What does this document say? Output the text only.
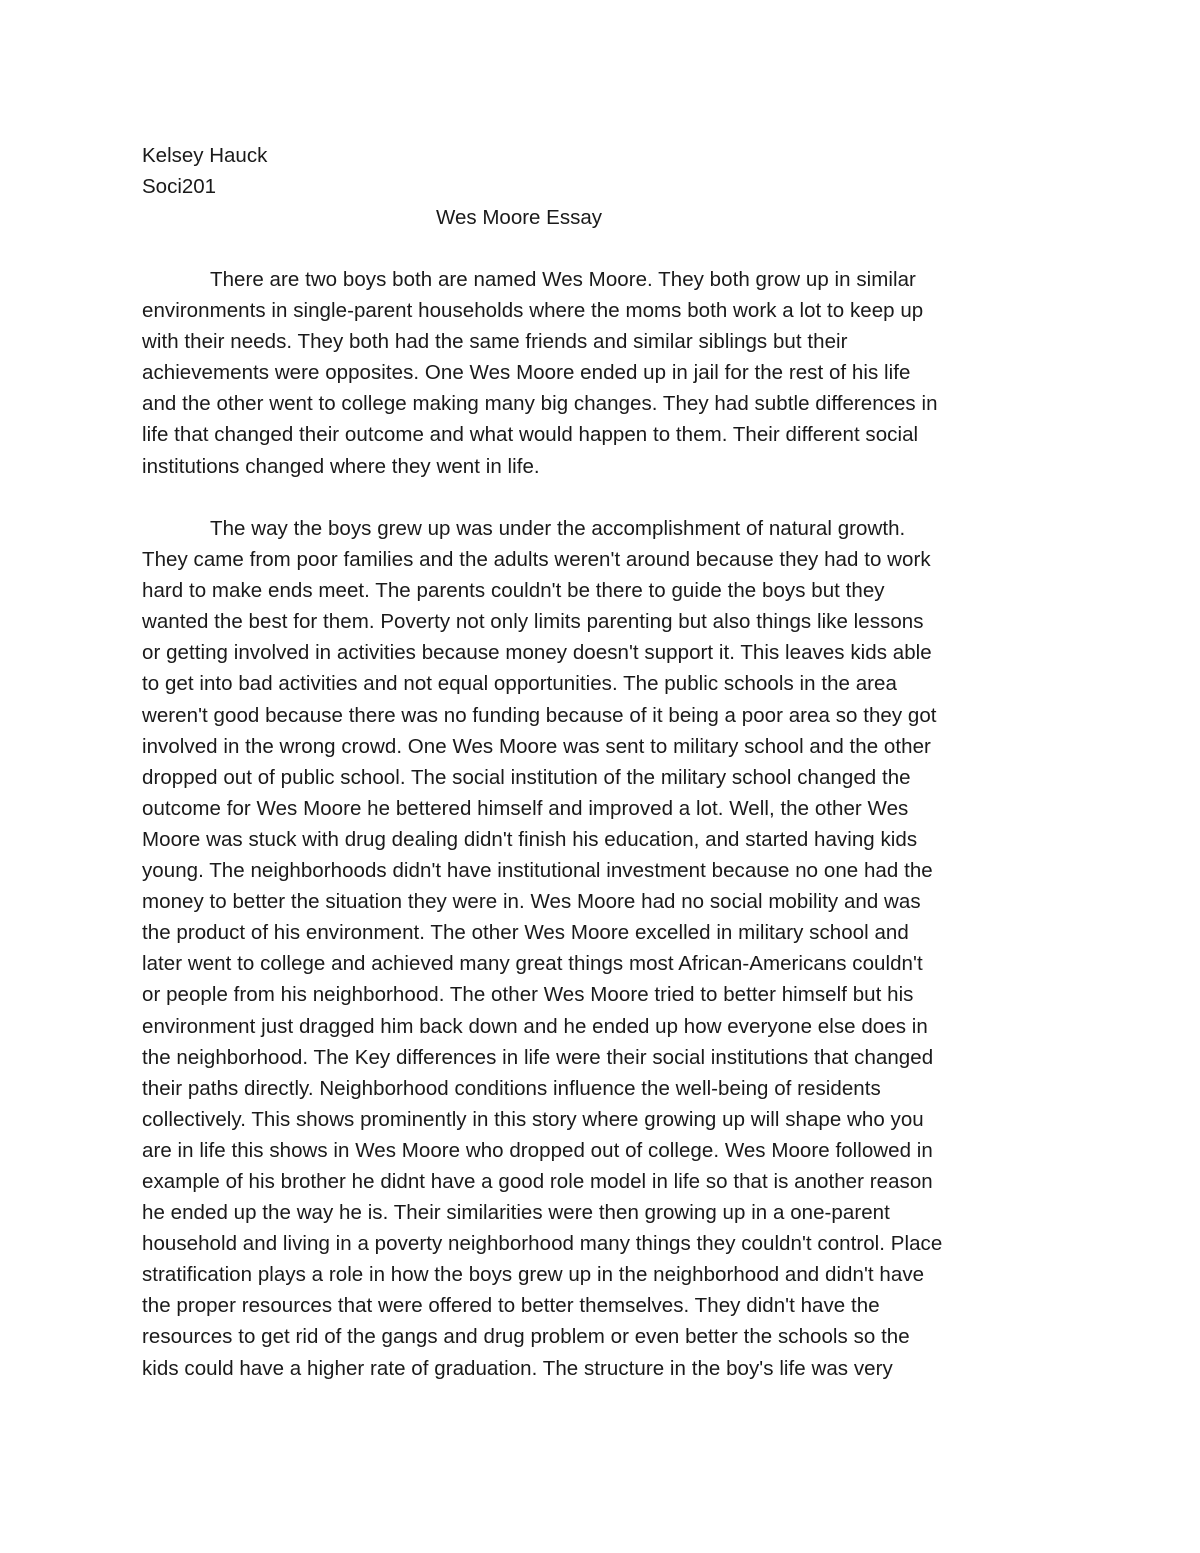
Kelsey Hauck
Soci201
Wes Moore Essay
There are two boys both are named Wes Moore. They both grow up in similar
environments in single-parent households where the moms both work a lot to keep up
with their needs. They both had the same friends and similar siblings but their
achievements were opposites. One Wes Moore ended up in jail for the rest of his life
and the other went to college making many big changes. They had subtle differences in
life that changed their outcome and what would happen to them. Their different social
institutions changed where they went in life.
The way the boys grew up was under the accomplishment of natural growth.
They came from poor families and the adults weren't around because they had to work
hard to make ends meet. The parents couldn't be there to guide the boys but they
wanted the best for them. Poverty not only limits parenting but also things like lessons
or getting involved in activities because money doesn't support it. This leaves kids able
to get into bad activities and not equal opportunities. The public schools in the area
weren't good because there was no funding because of it being a poor area so they got
involved in the wrong crowd. One Wes Moore was sent to military school and the other
dropped out of public school. The social institution of the military school changed the
outcome for Wes Moore he bettered himself and improved a lot. Well, the other Wes
Moore was stuck with drug dealing didn't finish his education, and started having kids
young. The neighborhoods didn't have institutional investment because no one had the
money to better the situation they were in. Wes Moore had no social mobility and was
the product of his environment. The other Wes Moore excelled in military school and
later went to college and achieved many great things most African-Americans couldn't
or people from his neighborhood. The other Wes Moore tried to better himself but his
environment just dragged him back down and he ended up how everyone else does in
the neighborhood. The Key differences in life were their social institutions that changed
their paths directly. Neighborhood conditions influence the well-being of residents
collectively. This shows prominently in this story where growing up will shape who you
are in life this shows in Wes Moore who dropped out of college. Wes Moore followed in
example of his brother he didnt have a good role model in life so that is another reason
he ended up the way he is. Their similarities were then growing up in a one-parent
household and living in a poverty neighborhood many things they couldn't control. Place
stratification plays a role in how the boys grew up in the neighborhood and didn't have
the proper resources that were offered to better themselves. They didn't have the
resources to get rid of the gangs and drug problem or even better the schools so the
kids could have a higher rate of graduation. The structure in the boy's life was very
